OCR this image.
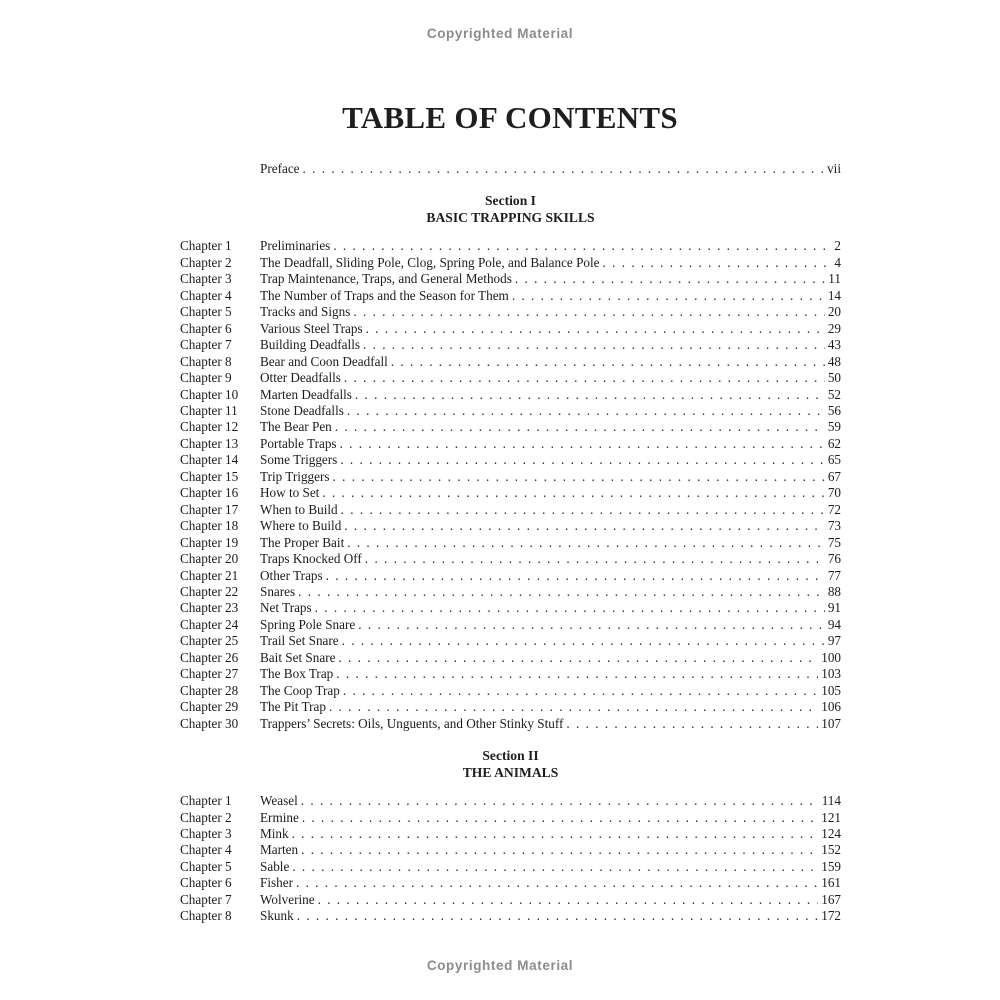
Copyrighted Material
TABLE OF CONTENTS
Preface . . .	vii
Section I
BASIC TRAPPING SKILLS
Chapter 1	Preliminaries . . .	2
Chapter 2	The Deadfall, Sliding Pole, Clog, Spring Pole, and Balance Pole . . .	4
Chapter 3	Trap Maintenance, Traps, and General Methods . . .	11
Chapter 4	The Number of Traps and the Season for Them . . .	14
Chapter 5	Tracks and Signs . . .	20
Chapter 6	Various Steel Traps . . .	29
Chapter 7	Building Deadfalls . . .	43
Chapter 8	Bear and Coon Deadfall . . .	48
Chapter 9	Otter Deadfalls . . .	50
Chapter 10	Marten Deadfalls . . .	52
Chapter 11	Stone Deadfalls . . .	56
Chapter 12	The Bear Pen . . .	59
Chapter 13	Portable Traps . . .	62
Chapter 14	Some Triggers . . .	65
Chapter 15	Trip Triggers . . .	67
Chapter 16	How to Set . . .	70
Chapter 17	When to Build . . .	72
Chapter 18	Where to Build . . .	73
Chapter 19	The Proper Bait . . .	75
Chapter 20	Traps Knocked Off . . .	76
Chapter 21	Other Traps . . .	77
Chapter 22	Snares . . .	88
Chapter 23	Net Traps . . .	91
Chapter 24	Spring Pole Snare . . .	94
Chapter 25	Trail Set Snare . . .	97
Chapter 26	Bait Set Snare . . .	100
Chapter 27	The Box Trap . . .	103
Chapter 28	The Coop Trap . . .	105
Chapter 29	The Pit Trap . . .	106
Chapter 30	Trappers’ Secrets: Oils, Unguents, and Other Stinky Stuff . . .	107
Section II
THE ANIMALS
Chapter 1	Weasel . . .	114
Chapter 2	Ermine . . .	121
Chapter 3	Mink . . .	124
Chapter 4	Marten . . .	152
Chapter 5	Sable . . .	159
Chapter 6	Fisher . . .	161
Chapter 7	Wolverine . . .	167
Chapter 8	Skunk . . .	172
Copyrighted Material
